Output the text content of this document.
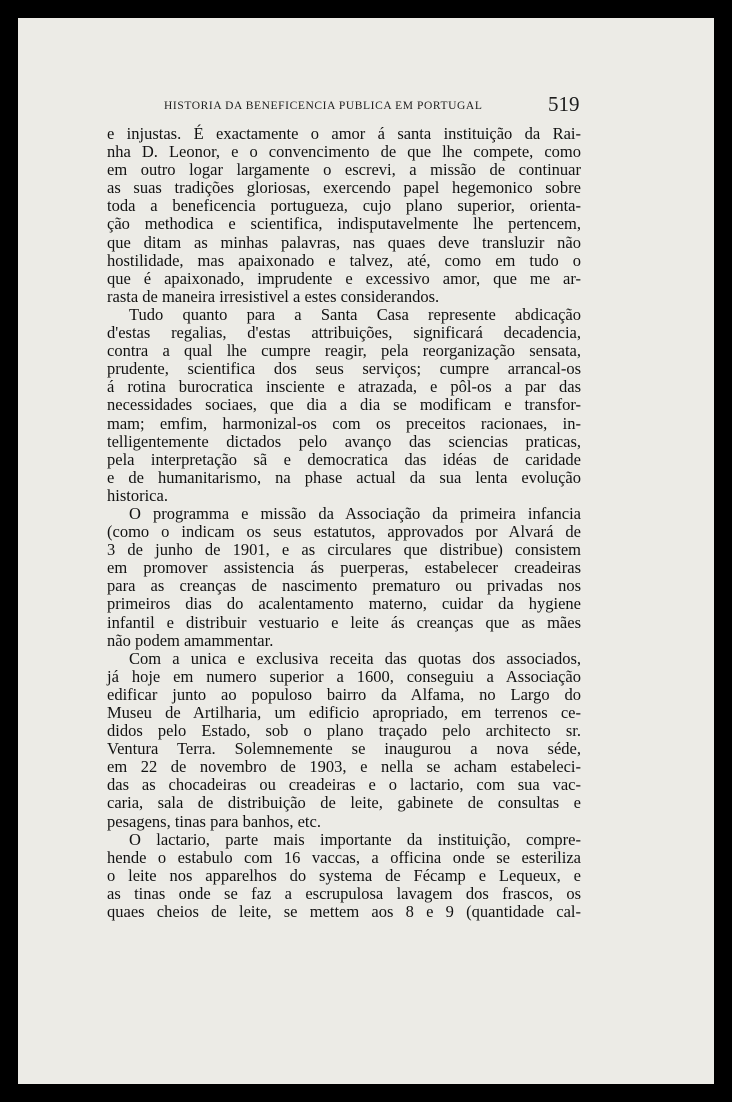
HISTORIA DA BENEFICENCIA PUBLICA EM PORTUGAL	519

e injustas. É exactamente o amor á santa instituição da Rai-
nha D. Leonor, e o convencimento de que lhe compete, como
em outro logar largamente o escrevi, a missão de continuar
as suas tradições gloriosas, exercendo papel hegemonico sobre
toda a beneficencia portugueza, cujo plano superior, orienta-
ção methodica e scientifica, indisputavelmente lhe pertencem,
que ditam as minhas palavras, nas quaes deve transluzir não
hostilidade, mas apaixonado e talvez, até, como em tudo o
que é apaixonado, imprudente e excessivo amor, que me ar-
rasta de maneira irresistivel a estes considerandos.

Tudo quanto para a Santa Casa represente abdicação
d'estas regalias, d'estas attribuições, significará decadencia,
contra a qual lhe cumpre reagir, pela reorganização sensata,
prudente, scientifica dos seus serviços; cumpre arrancal-os
á rotina burocratica insciente e atrazada, e pôl-os a par das
necessidades sociaes, que dia a dia se modificam e transfor-
mam; emfim, harmonizal-os com os preceitos racionaes, in-
telligentemente dictados pelo avanço das sciencias praticas,
pela interpretação sã e democratica das idéas de caridade
e de humanitarismo, na phase actual da sua lenta evolução
historica.

O programma e missão da Associação da primeira infancia
(como o indicam os seus estatutos, approvados por Alvará de
3 de junho de 1901, e as circulares que distribue) consistem
em promover assistencia ás puerperas, estabelecer creadeiras
para as creanças de nascimento prematuro ou privadas nos
primeiros dias do acalentamento materno, cuidar da hygiene
infantil e distribuir vestuario e leite ás creanças que as mães
não podem amammentar.

Com a unica e exclusiva receita das quotas dos associados,
já hoje em numero superior a 1600, conseguiu a Associação
edificar junto ao populoso bairro da Alfama, no Largo do
Museu de Artilharia, um edificio apropriado, em terrenos ce-
didos pelo Estado, sob o plano traçado pelo architecto sr.
Ventura Terra. Solemnemente se inaugurou a nova séde,
em 22 de novembro de 1903, e nella se acham estabeleci-
das as chocadeiras ou creadeiras e o lactario, com sua vac-
caria, sala de distribuição de leite, gabinete de consultas e
pesagens, tinas para banhos, etc.

O lactario, parte mais importante da instituição, compre-
hende o estabulo com 16 vaccas, a officina onde se esteriliza
o leite nos apparelhos do systema de Fécamp e Lequeux, e
as tinas onde se faz a escrupulosa lavagem dos frascos, os
quaes cheios de leite, se mettem aos 8 e 9 (quantidade cal-
